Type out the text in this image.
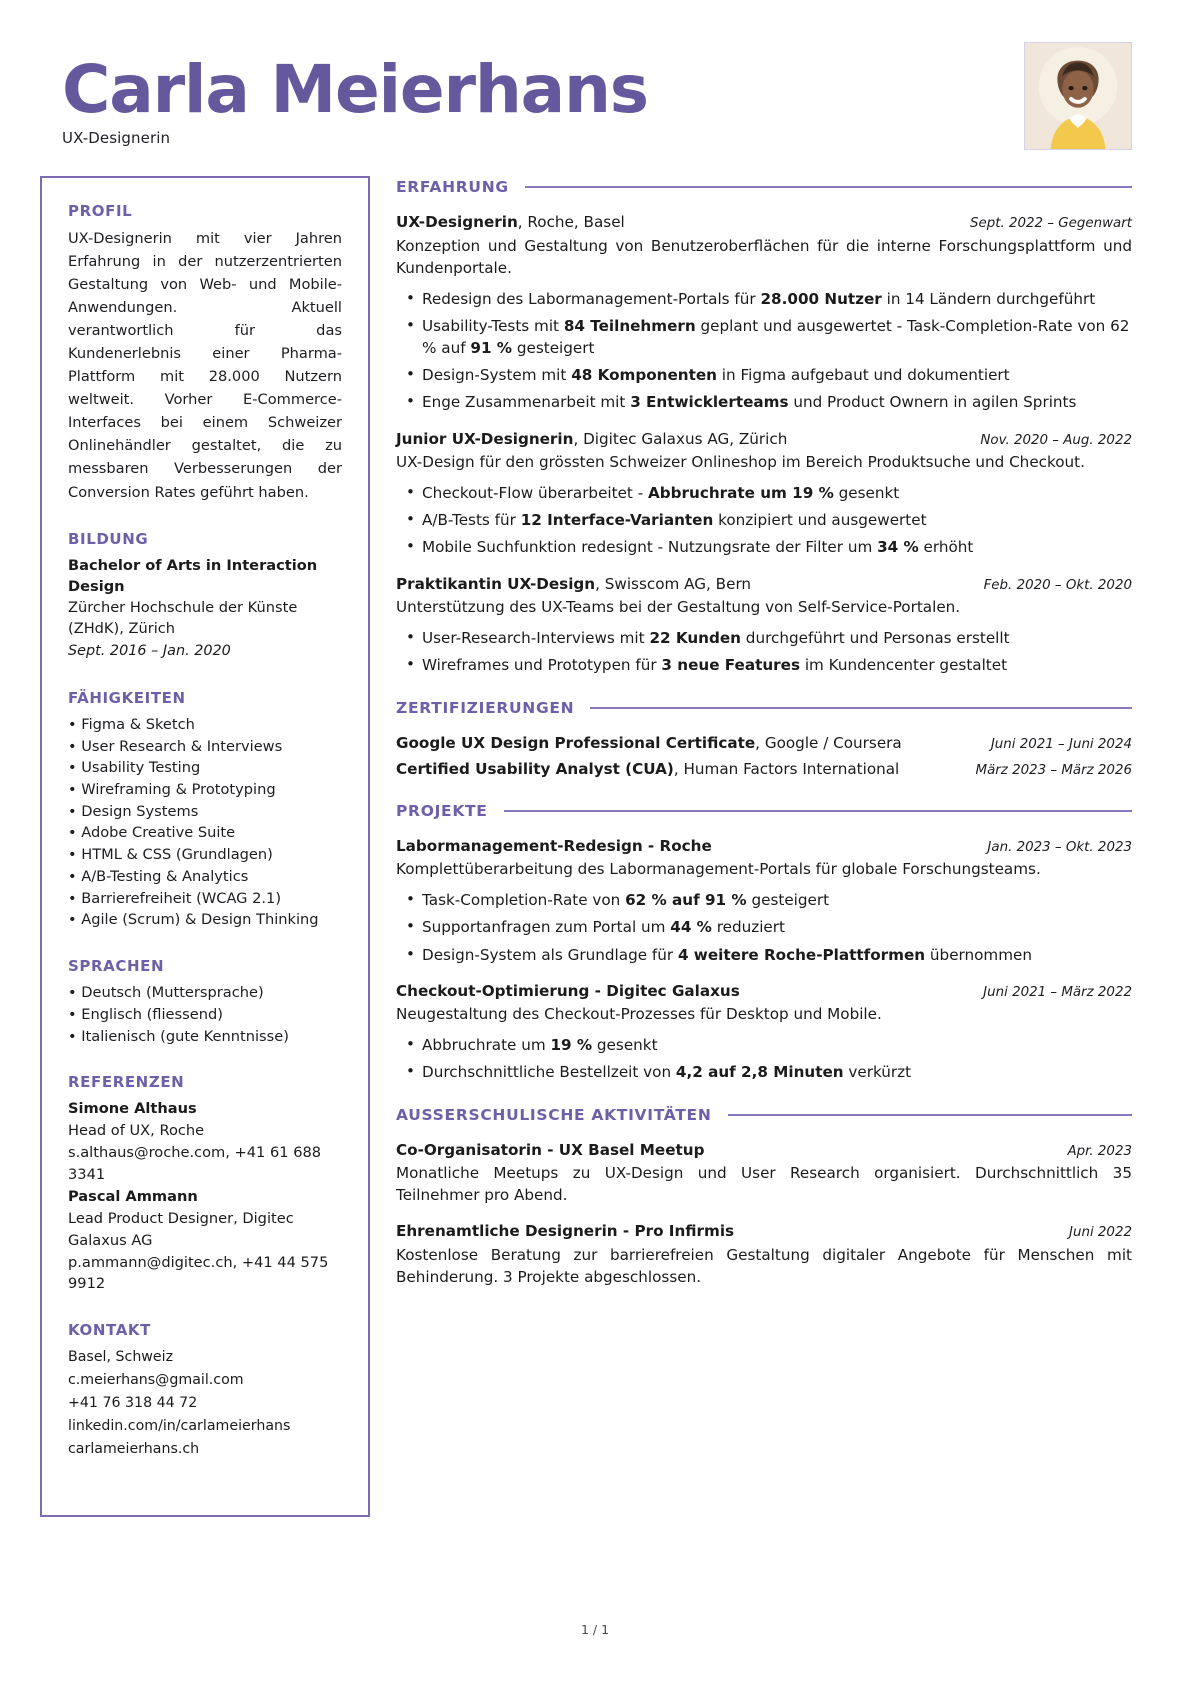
Carla Meierhans
UX-Designerin
PROFIL
UX-Designerin mit vier Jahren Erfahrung in der nutzerzentrierten Gestaltung von Web- und Mobile-Anwendungen. Aktuell verantwortlich für das Kundenerlebnis einer Pharma-Plattform mit 28.000 Nutzern weltweit. Vorher E-Commerce-Interfaces bei einem Schweizer Onlinehändler gestaltet, die zu messbaren Verbesserungen der Conversion Rates geführt haben.
BILDUNG
Bachelor of Arts in Interaction Design
Zürcher Hochschule der Künste (ZHdK), Zürich
Sept. 2016 – Jan. 2020
FÄHIGKEITEN
• Figma & Sketch
• User Research & Interviews
• Usability Testing
• Wireframing & Prototyping
• Design Systems
• Adobe Creative Suite
• HTML & CSS (Grundlagen)
• A/B-Testing & Analytics
• Barrierefreiheit (WCAG 2.1)
• Agile (Scrum) & Design Thinking
SPRACHEN
• Deutsch (Muttersprache)
• Englisch (fliessend)
• Italienisch (gute Kenntnisse)
REFERENZEN
Simone Althaus
Head of UX, Roche
s.althaus@roche.com, +41 61 688 3341
Pascal Ammann
Lead Product Designer, Digitec Galaxus AG
p.ammann@digitec.ch, +41 44 575 9912
KONTAKT
Basel, Schweiz
c.meierhans@gmail.com
+41 76 318 44 72
linkedin.com/in/carlameierhans
carlameierhans.ch
ERFAHRUNG
UX-Designerin, Roche, Basel	Sept. 2022 – Gegenwart
Konzeption und Gestaltung von Benutzeroberflächen für die interne Forschungsplattform und Kundenportale.
• Redesign des Labormanagement-Portals für 28.000 Nutzer in 14 Ländern durchgeführt
• Usability-Tests mit 84 Teilnehmern geplant und ausgewertet - Task-Completion-Rate von 62 % auf 91 % gesteigert
• Design-System mit 48 Komponenten in Figma aufgebaut und dokumentiert
• Enge Zusammenarbeit mit 3 Entwicklerteams und Product Ownern in agilen Sprints
Junior UX-Designerin, Digitec Galaxus AG, Zürich	Nov. 2020 – Aug. 2022
UX-Design für den grössten Schweizer Onlineshop im Bereich Produktsuche und Checkout.
• Checkout-Flow überarbeitet - Abbruchrate um 19 % gesenkt
• A/B-Tests für 12 Interface-Varianten konzipiert und ausgewertet
• Mobile Suchfunktion redesignt - Nutzungsrate der Filter um 34 % erhöht
Praktikantin UX-Design, Swisscom AG, Bern	Feb. 2020 – Okt. 2020
Unterstützung des UX-Teams bei der Gestaltung von Self-Service-Portalen.
• User-Research-Interviews mit 22 Kunden durchgeführt und Personas erstellt
• Wireframes und Prototypen für 3 neue Features im Kundencenter gestaltet
ZERTIFIZIERUNGEN
Google UX Design Professional Certificate, Google / Coursera	Juni 2021 – Juni 2024
Certified Usability Analyst (CUA), Human Factors International	März 2023 – März 2026
PROJEKTE
Labormanagement-Redesign - Roche	Jan. 2023 – Okt. 2023
Komplettüberarbeitung des Labormanagement-Portals für globale Forschungsteams.
• Task-Completion-Rate von 62 % auf 91 % gesteigert
• Supportanfragen zum Portal um 44 % reduziert
• Design-System als Grundlage für 4 weitere Roche-Plattformen übernommen
Checkout-Optimierung - Digitec Galaxus	Juni 2021 – März 2022
Neugestaltung des Checkout-Prozesses für Desktop und Mobile.
• Abbruchrate um 19 % gesenkt
• Durchschnittliche Bestellzeit von 4,2 auf 2,8 Minuten verkürzt
AUSSERSCHULISCHE AKTIVITÄTEN
Co-Organisatorin - UX Basel Meetup	Apr. 2023
Monatliche Meetups zu UX-Design und User Research organisiert. Durchschnittlich 35 Teilnehmer pro Abend.
Ehrenamtliche Designerin - Pro Infirmis	Juni 2022
Kostenlose Beratung zur barrierefreien Gestaltung digitaler Angebote für Menschen mit Behinderung. 3 Projekte abgeschlossen.
1 / 1
